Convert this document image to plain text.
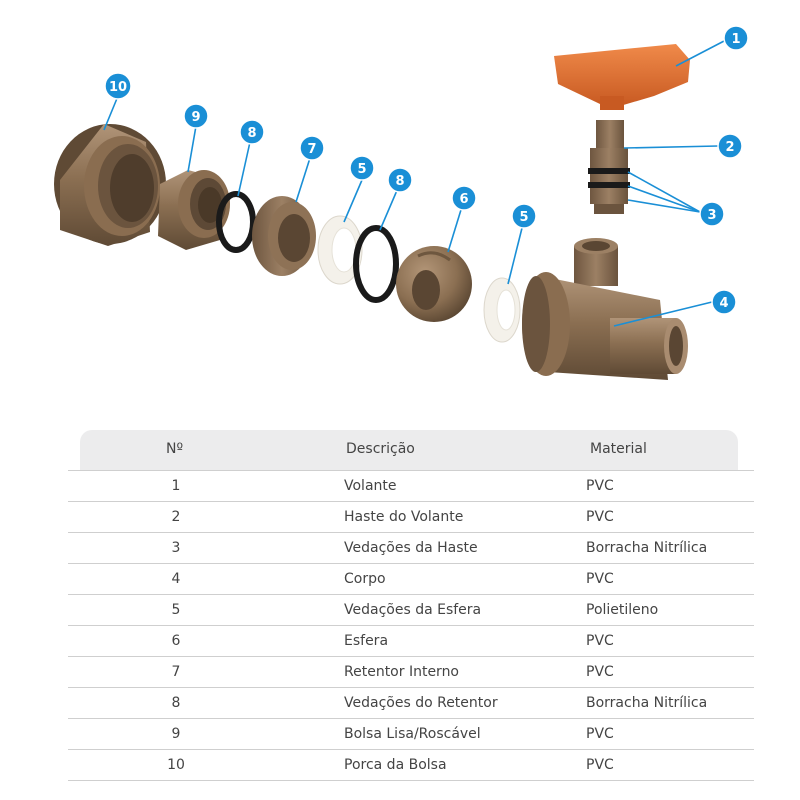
1
2
3
4
5
5
6
7
8
8
9
10
Nº	Descrição	Material
1	Volante	PVC
2	Haste do Volante	PVC
3	Vedações da Haste	Borracha Nitrílica
4	Corpo	PVC
5	Vedações da Esfera	Polietileno
6	Esfera	PVC
7	Retentor Interno	PVC
8	Vedações do Retentor	Borracha Nitrílica
9	Bolsa Lisa/Roscável	PVC
10	Porca da Bolsa	PVC
